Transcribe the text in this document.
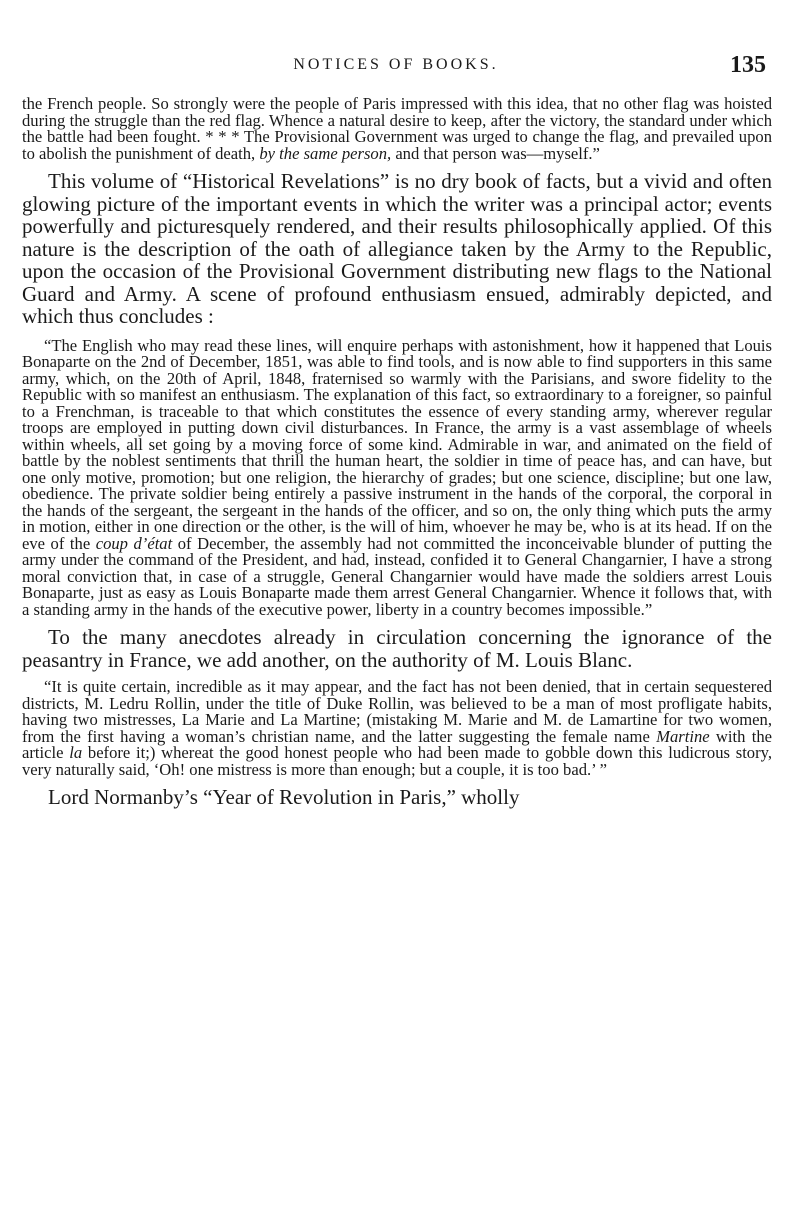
NOTICES OF BOOKS.	135

the French people. So strongly were the people of Paris impressed with this idea, that no other flag was hoisted during the struggle than the red flag. Whence a natural desire to keep, after the victory, the standard under which the battle had been fought. * * * The Provisional Government was urged to change the flag, and prevailed upon to abolish the punishment of death, by the same person, and that person was—myself.”

This volume of “Historical Revelations” is no dry book of facts, but a vivid and often glowing picture of the important events in which the writer was a principal actor; events powerfully and picturesquely rendered, and their results philosophically applied. Of this nature is the description of the oath of allegiance taken by the Army to the Republic, upon the occasion of the Provisional Government distributing new flags to the National Guard and Army. A scene of profound enthusiasm ensued, admirably depicted, and which thus concludes :

“The English who may read these lines, will enquire perhaps with astonishment, how it happened that Louis Bonaparte on the 2nd of December, 1851, was able to find tools, and is now able to find supporters in this same army, which, on the 20th of April, 1848, fraternised so warmly with the Parisians, and swore fidelity to the Republic with so manifest an enthusiasm. The explanation of this fact, so extraordinary to a foreigner, so painful to a Frenchman, is traceable to that which constitutes the essence of every standing army, wherever regular troops are employed in putting down civil disturbances. In France, the army is a vast assemblage of wheels within wheels, all set going by a moving force of some kind. Admirable in war, and animated on the field of battle by the noblest sentiments that thrill the human heart, the soldier in time of peace has, and can have, but one only motive, promotion; but one religion, the hierarchy of grades; but one science, discipline; but one law, obedience. The private soldier being entirely a passive instrument in the hands of the corporal, the corporal in the hands of the sergeant, the sergeant in the hands of the officer, and so on, the only thing which puts the army in motion, either in one direction or the other, is the will of him, whoever he may be, who is at its head. If on the eve of the coup d’état of December, the assembly had not committed the inconceivable blunder of putting the army under the command of the President, and had, instead, confided it to General Changarnier, I have a strong moral conviction that, in case of a struggle, General Changarnier would have made the soldiers arrest Louis Bonaparte, just as easy as Louis Bonaparte made them arrest General Changarnier. Whence it follows that, with a standing army in the hands of the executive power, liberty in a country becomes impossible.”

To the many anecdotes already in circulation concerning the ignorance of the peasantry in France, we add another, on the authority of M. Louis Blanc.

“It is quite certain, incredible as it may appear, and the fact has not been denied, that in certain sequestered districts, M. Ledru Rollin, under the title of Duke Rollin, was believed to be a man of most profligate habits, having two mistresses, La Marie and La Martine; (mistaking M. Marie and M. de Lamartine for two women, from the first having a woman’s christian name, and the latter suggesting the female name Martine with the article la before it;) whereat the good honest people who had been made to gobble down this ludicrous story, very naturally said, ‘Oh! one mistress is more than enough; but a couple, it is too bad.’ ”

Lord Normanby’s “Year of Revolution in Paris,” wholly
